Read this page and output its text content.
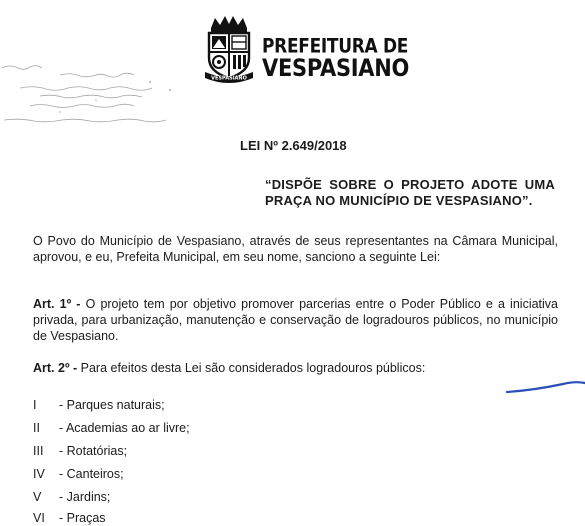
VESPASIANO
PREFEITURA DE
VESPASIANO
LEI Nº 2.649/2018
“DISPÕE SOBRE O PROJETO ADOTE UMA PRAÇA NO MUNICÍPIO DE VESPASIANO”.
O Povo do Município de Vespasiano, através de seus representantes na Câmara Municipal, aprovou, e eu, Prefeita Municipal, em seu nome, sanciono a seguinte Lei:
Art. 1º - O projeto tem por objetivo promover parcerias entre o Poder Público e a iniciativa privada, para urbanização, manutenção e conservação de logradouros públicos, no município de Vespasiano.
Art. 2º - Para efeitos desta Lei são considerados logradouros públicos:
I - Parques naturais;
II - Academias ao ar livre;
III - Rotatórias;
IV - Canteiros;
V - Jardins;
VI - Praças
